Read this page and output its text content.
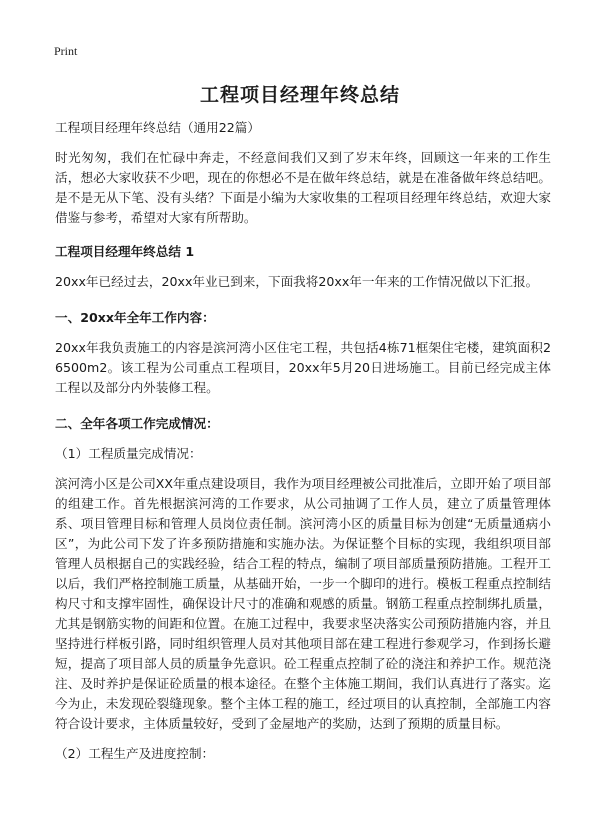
Print
工程项目经理年终总结

工程项目经理年终总结（通用22篇）

时光匆匆，我们在忙碌中奔走，不经意间我们又到了岁末年终，回顾这一年来的工作生活，想必大家收获不少吧，现在的你想必不是在做年终总结，就是在准备做年终总结吧。是不是无从下笔、没有头绪？下面是小编为大家收集的工程项目经理年终总结，欢迎大家借鉴与参考，希望对大家有所帮助。

工程项目经理年终总结 1

20xx年已经过去，20xx年业已到来，下面我将20xx年一年来的工作情况做以下汇报。

一、20xx年全年工作内容：

20xx年我负责施工的内容是滨河湾小区住宅工程，共包括4栋71框架住宅楼，建筑面积26500m2。该工程为公司重点工程项目，20xx年5月20日进场施工。目前已经完成主体工程以及部分内外装修工程。

二、全年各项工作完成情况：

（1）工程质量完成情况：

滨河湾小区是公司XX年重点建设项目，我作为项目经理被公司批准后，立即开始了项目部的组建工作。首先根据滨河湾的工作要求，从公司抽调了工作人员，建立了质量管理体系、项目管理目标和管理人员岗位责任制。滨河湾小区的质量目标为创建“无质量通病小区”，为此公司下发了许多预防措施和实施办法。为保证整个目标的实现，我组织项目部管理人员根据自己的实践经验，结合工程的特点，编制了项目部质量预防措施。工程开工以后，我们严格控制施工质量，从基础开始，一步一个脚印的进行。模板工程重点控制结构尺寸和支撑牢固性，确保设计尺寸的准确和观感的质量。钢筋工程重点控制绑扎质量，尤其是钢筋实物的间距和位置。在施工过程中，我要求坚决落实公司预防措施内容，并且坚持进行样板引路，同时组织管理人员对其他项目部在建工程进行参观学习，作到扬长避短，提高了项目部人员的质量争先意识。砼工程重点控制了砼的浇注和养护工作。规范浇注、及时养护是保证砼质量的根本途径。在整个主体施工期间，我们认真进行了落实。迄今为止，未发现砼裂缝现象。整个主体工程的施工，经过项目的认真控制，全部施工内容符合设计要求，主体质量较好，受到了金屋地产的奖励，达到了预期的质量目标。

（2）工程生产及进度控制：
